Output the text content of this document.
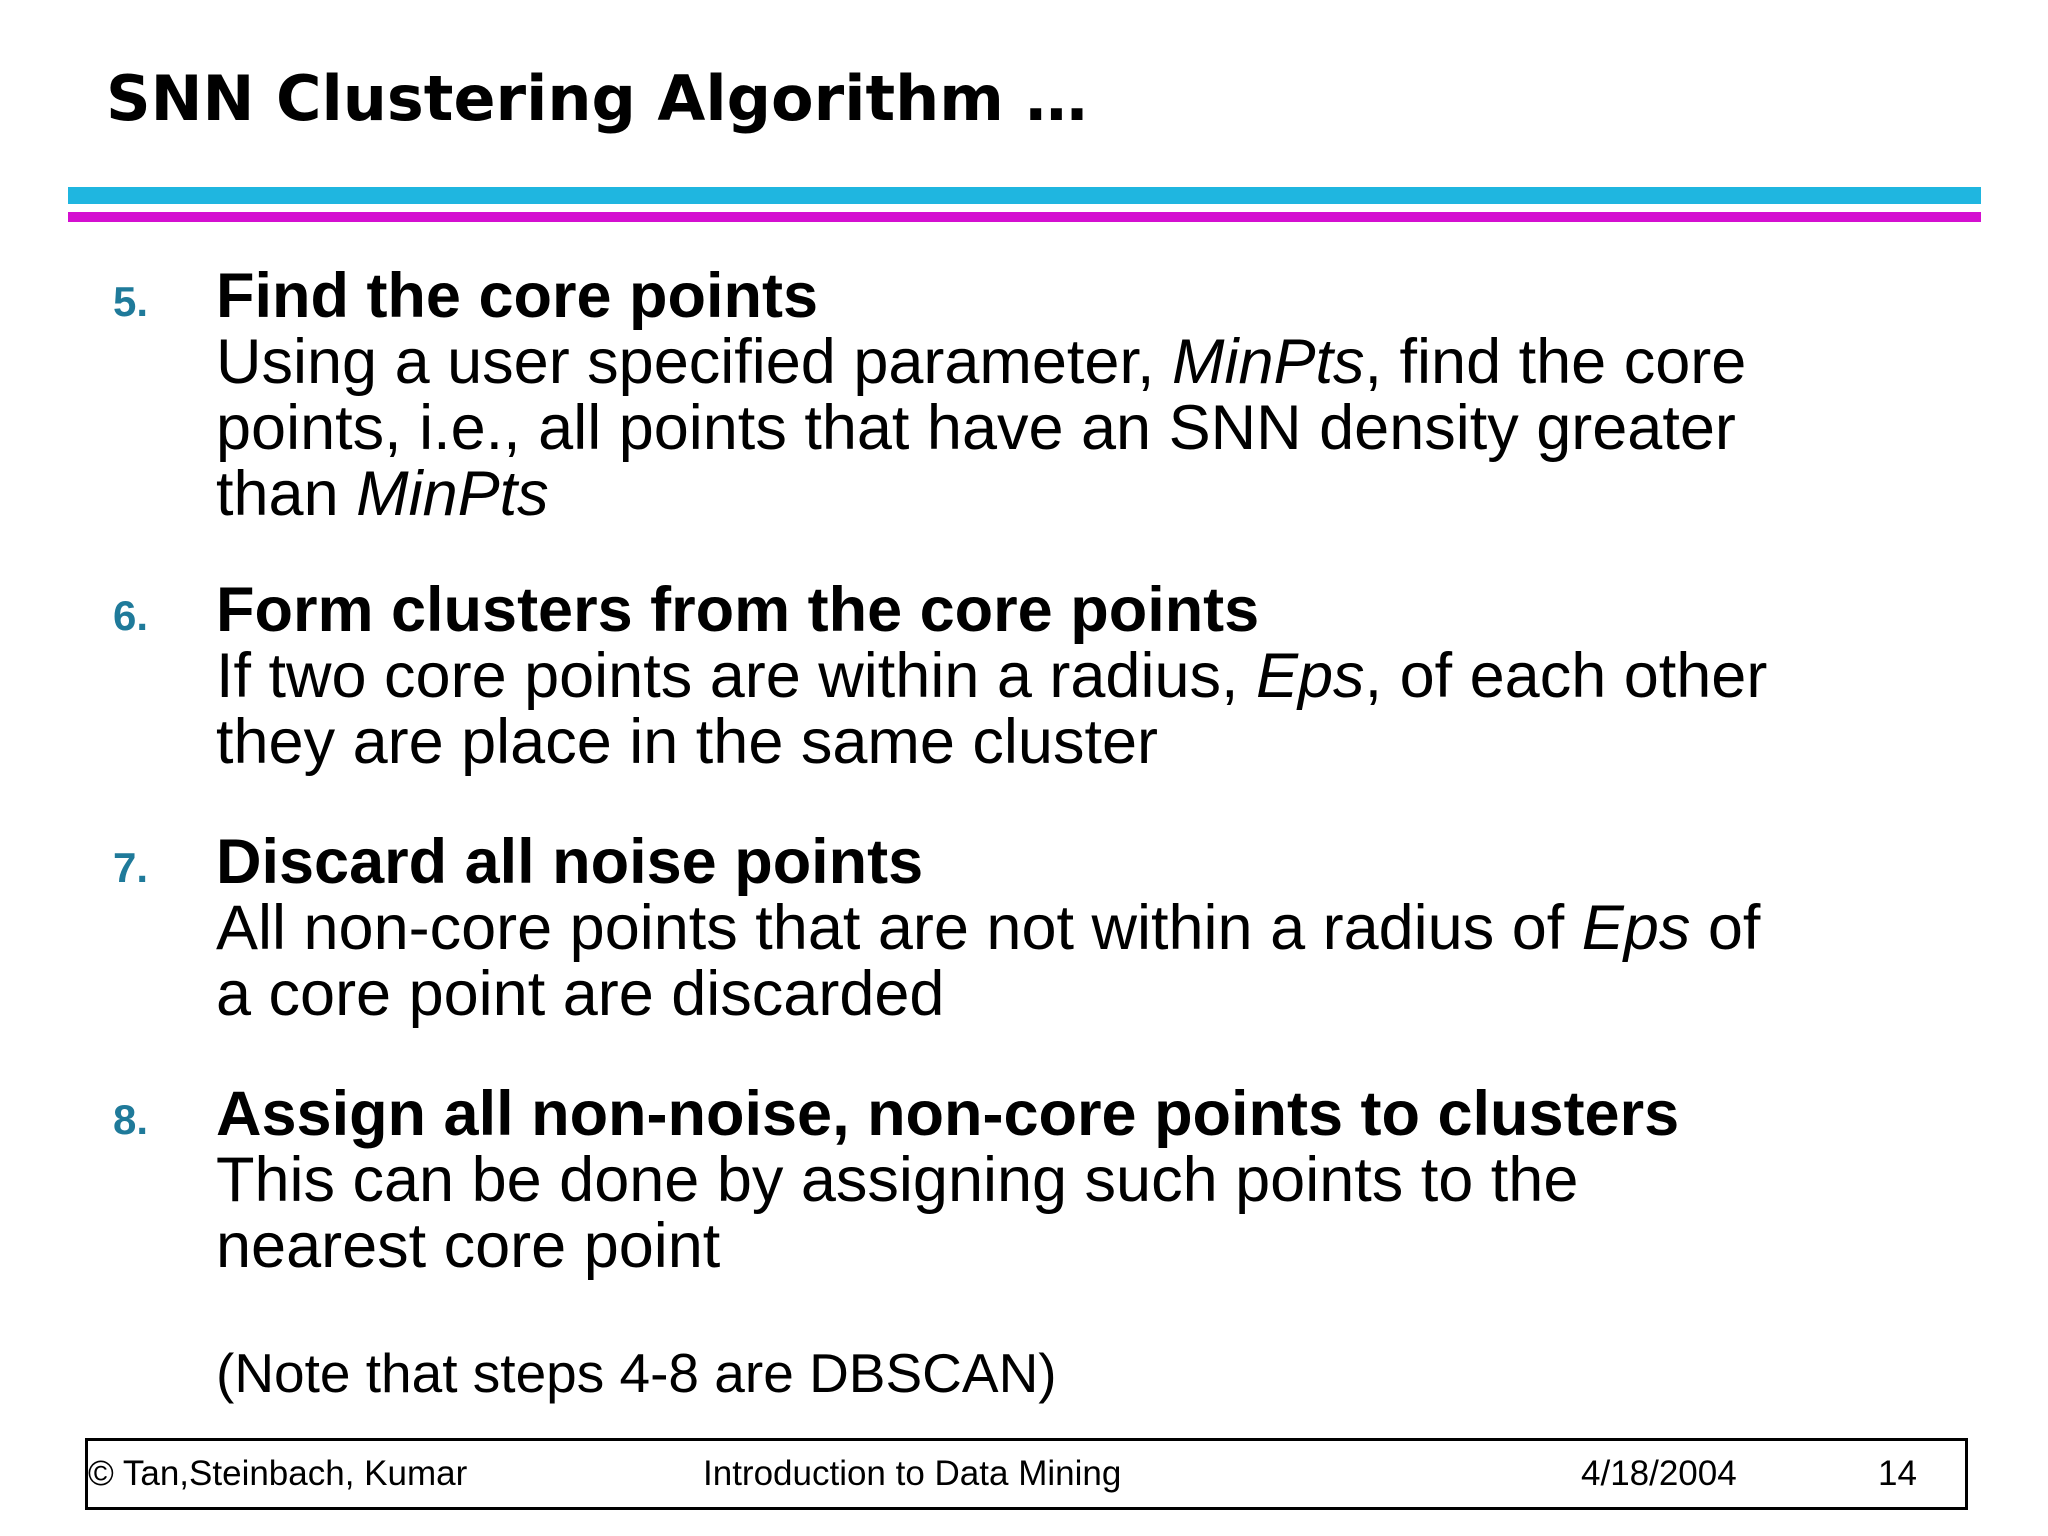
SNN Clustering Algorithm …
5. Find the core points
Using a user specified parameter, MinPts, find the core
points, i.e., all points that have an SNN density greater
than MinPts
6. Form clusters from the core points
If two core points are within a radius, Eps, of each other
they are place in the same cluster
7. Discard all noise points
All non-core points that are not within a radius of Eps of
a core point are discarded
8. Assign all non-noise, non-core points to clusters
This can be done by assigning such points to the
nearest core point
(Note that steps 4-8 are DBSCAN)
© Tan,Steinbach, Kumar	Introduction to Data Mining	4/18/2004	14
